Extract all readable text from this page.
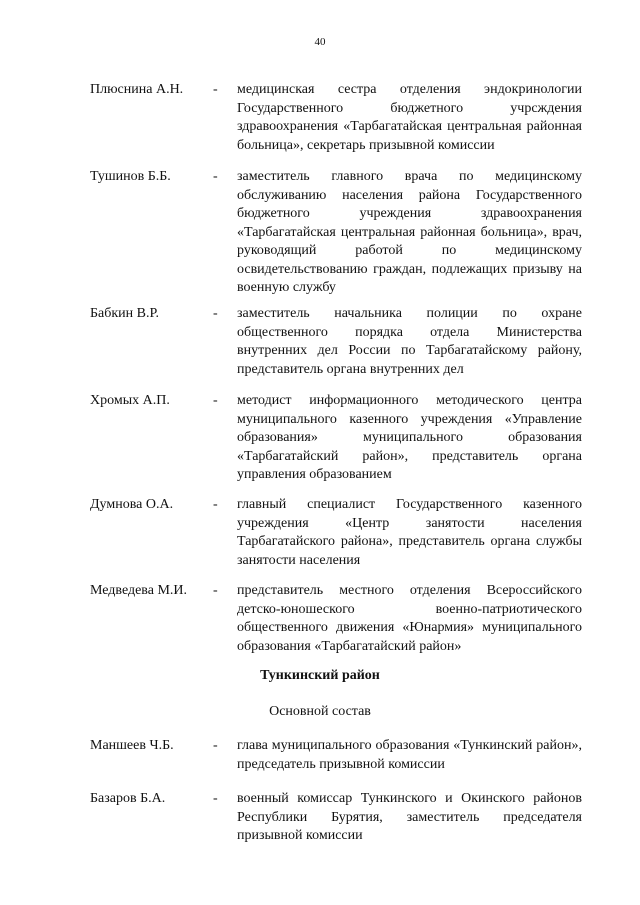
40
Плюснина А.Н. - медицинская сестра отделения эндокринологии Государственного бюджетного учрсждения здравоохранения «Тарбагатайская центральная районная больница», секретарь призывной комиссии
Тушинов Б.Б.	- заместитель главного врача по медицинскому обслуживанию населения района Государственного бюджетного учреждения здравоохранения «Тарбагатайская центральная районная больница», врач, руководящий работой по медицинскому освидетельствованию граждан, подлежащих призыву на военную службу
Бабкин В.Р.	- заместитель начальника полиции по охране общественного порядка отдела Министерства внутренних дел России по Тарбагатайскому району, представитель органа внутренних дел
Хромых А.П.	- методист информационного методического центра муниципального казенного учреждения «Управление образования» муниципального образования «Тарбагатайский район», представитель органа управления образованием
Думнова О.А.	- главный специалист Государственного казенного учреждения «Центр занятости населения Тарбагатайского района», представитель органа службы занятости населения
Медведева М.И. - представитель местного отделения Всероссийского детско-юношеского военно-патриотического общественного движения «Юнармия» муниципального образования «Тарбагатайский район»
Тункинский район
Основной состав
Маншеев Ч.Б.	- глава муниципального образования «Тункинский район», председатель призывной комиссии
Базаров Б.А.	- военный комиссар Тункинского и Окинского районов Республики Бурятия, заместитель председателя призывной комиссии
